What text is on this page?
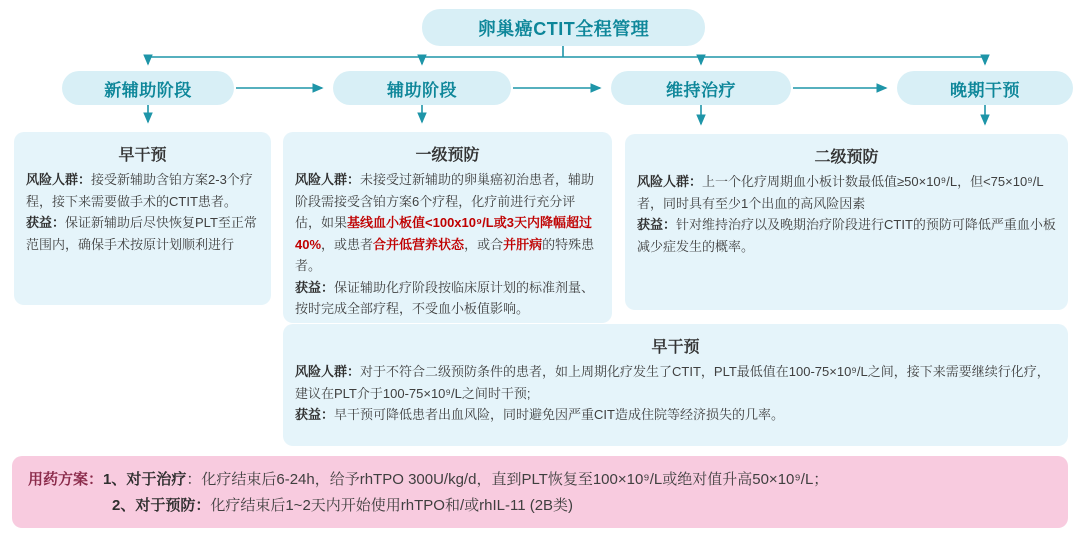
卵巢癌CTIT全程管理
新辅助阶段	辅助阶段	维持治疗	晚期干预
早干预

风险人群：接受新辅助含铂方案2-3个疗程，接下来需要做手术的CTIT患者。

获益：保证新辅助后尽快恢复PLT至正常范围内，确保手术按原计划顺利进行

一级预防

风险人群：未接受过新辅助的卵巢癌初治患者，辅助阶段需接受含铂方案6个疗程，化疗前进行充分评估，如果基线血小板值<100x10⁹/L或3天内降幅超过40%，或患者合并低营养状态，或合并肝病的特殊患者。

获益：保证辅助化疗阶段按临床原计划的标准剂量、按时完成全部疗程，不受血小板值影响。

二级预防

风险人群：上一个化疗周期血小板计数最低值≥50×10⁹/L，但<75×10⁹/L者，同时具有至少1个出血的高风险因素

获益：针对维持治疗以及晚期治疗阶段进行CTIT的预防可降低严重血小板减少症发生的概率。

早干预

风险人群：对于不符合二级预防条件的患者，如上周期化疗发生了CTIT，PLT最低值在100-75×10⁹/L之间，接下来需要继续行化疗，建议在PLT介于100-75×10⁹/L之间时干预;

获益：早干预可降低患者出血风险，同时避免因严重CIT造成住院等经济损失的几率。

用药方案：1、对于治疗：化疗结束后6-24h，给予rhTPO 300U/kg/d，直到PLT恢复至100×10⁹/L或绝对值升高50×10⁹/L；

2、对于预防：化疗结束后1~2天内开始使用rhTPO和/或rhIL-11 (2B类)
